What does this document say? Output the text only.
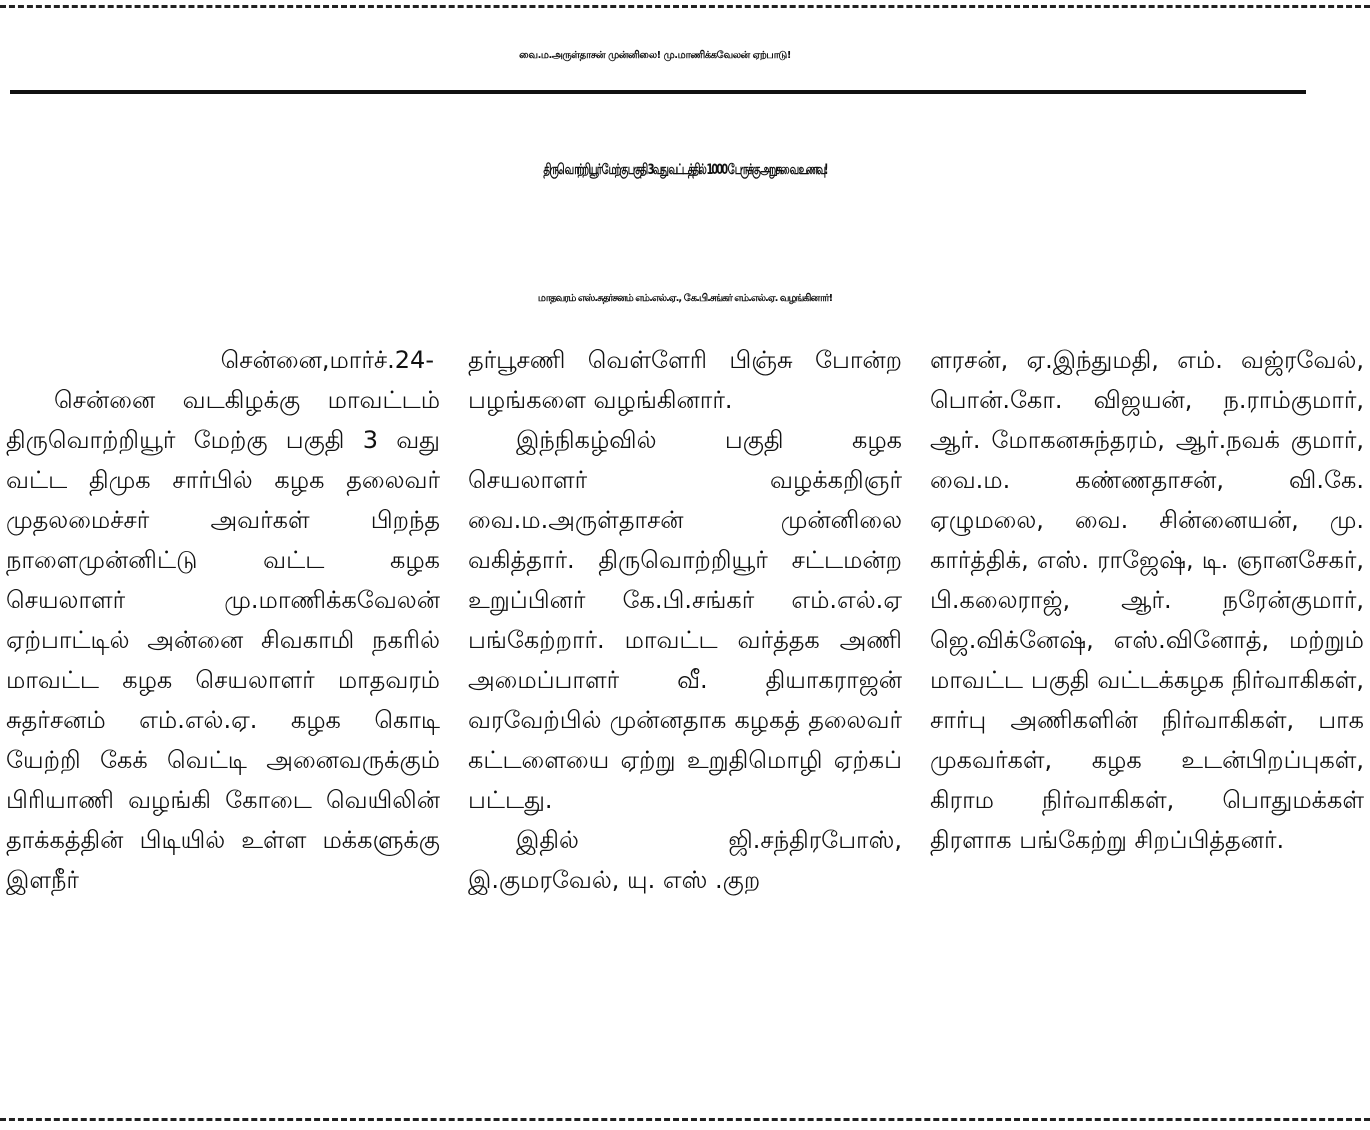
வை.ம.அருள்தாசன் முன்னிலை! மு.மாணிக்கவேலன் ஏற்பாடு!
திருவொற்றியூர் மேற்கு பகுதி 3வது வட்டத்தில் 1000 பேருக்கு அறுசுவை உணவு!
மாதவரம் எஸ்.சுதர்சனம் எம்.எல்.ஏ., கே.பி.சங்கர் எம்.எல்.ஏ. வழங்கினார்!
சென்னை,மார்ச்.24-

சென்னை வடகிழக்கு மாவட்டம் திருவொற்றியூர் மேற்கு பகுதி 3 வது வட்ட திமுக சார்பில் கழக தலைவர் முதலமைச்சர் அவர்கள் பிறந்த நாளைமுன்னிட்டு வட்ட கழக செயலாளர் மு.மாணிக்கவேலன் ஏற்பாட்டில் அன்னை சிவகாமி நகரில் மாவட்ட கழக செயலாளர் மாதவரம் சுதர்சனம் எம்.எல்.ஏ. கழக கொடி யேற்றி கேக் வெட்டி அனைவருக்கும் பிரியாணி வழங்கி கோடை வெயிலின் தாக்கத்தின் பிடியில் உள்ள மக்களுக்கு இளநீர்

தர்பூசணி வெள்ளேரி பிஞ்சு போன்ற பழங்களை வழங்கினார்.

இந்நிகழ்வில் பகுதி கழக செயலாளர் வழக்கறிஞர் வை.ம.அருள்தாசன் முன்னிலை வகித்தார். திருவொற்றியூர் சட்டமன்ற உறுப்பினர் கே.பி.சங்கர் எம்.எல்.ஏ பங்கேற்றார். மாவட்ட வர்த்தக அணி அமைப்பாளர் வீ. தியாகராஜன் வரவேற்பில் முன்னதாக கழகத் தலைவர் கட்டளையை ஏற்று உறுதிமொழி ஏற்கப் பட்டது.

இதில் ஜி.சந்திரபோஸ், இ.குமரவேல், யு. எஸ் .குற

ளரசன், ஏ.இந்துமதி, எம். வஜ்ரவேல், பொன்.கோ. விஜயன், ந.ராம்குமார், ஆர். மோகனசுந்தரம், ஆர்.நவக் குமார், வை.ம. கண்ணதாசன், வி.கே. ஏழுமலை, வை. சின்னையன், மு. கார்த்திக், எஸ். ராஜேஷ், டி. ஞானசேகர், பி.கலைராஜ், ஆர். நரேன்குமார், ஜெ.விக்னேஷ், எஸ்.வினோத், மற்றும் மாவட்ட பகுதி வட்டக்கழக நிர்வாகிகள், சார்பு அணிகளின் நிர்வாகிகள், பாக முகவர்கள், கழக உடன்பிறப்புகள், கிராம நிர்வாகிகள், பொதுமக்கள் திரளாக பங்கேற்று சிறப்பித்தனர்.
